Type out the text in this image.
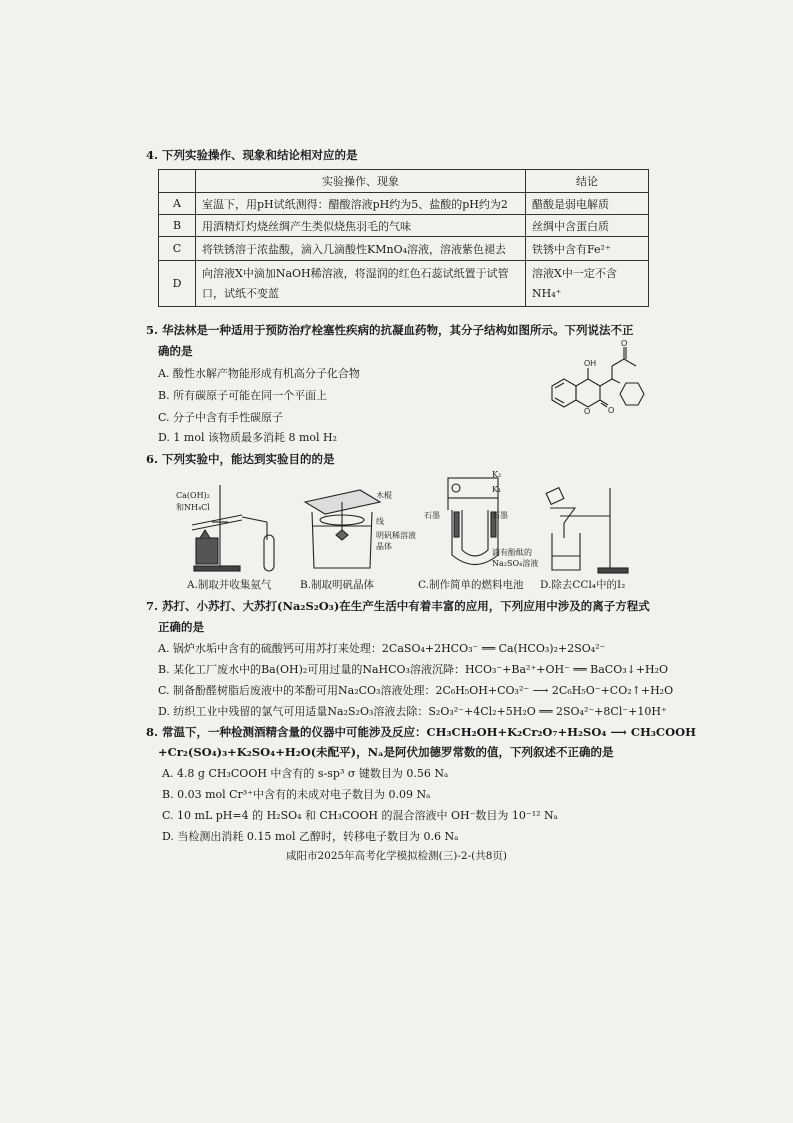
4. 下列实验操作、现象和结论相对应的是
	实验操作、现象	结论
A	室温下，用pH试纸测得：醋酸溶液pH约为5、盐酸的pH约为2	醋酸是弱电解质
B	用酒精灯灼烧丝绸产生类似烧焦羽毛的气味	丝绸中含蛋白质
C	将铁锈溶于浓盐酸，滴入几滴酸性KMnO₄溶液，溶液紫色褪去	铁锈中含有Fe²⁺
D	向溶液X中滴加NaOH稀溶液，将湿润的红色石蕊试纸置于试管口，试纸不变蓝	溶液X中一定不含NH₄⁺
5. 华法林是一种适用于预防治疗栓塞性疾病的抗凝血药物，其分子结构如图所示。下列说法不正
确的是
A. 酸性水解产物能形成有机高分子化合物
B. 所有碳原子可能在同一个平面上
C. 分子中含有手性碳原子
D. 1 mol 该物质最多消耗 8 mol H₂
OH
O
O
O
6. 下列实验中，能达到实验目的的是
Ca(OH)₂
和NH₄Cl
A.制取并收集氨气
木棍
线
明矾稀溶液
晶体
B.制取明矾晶体
K₂
K₁
石墨	石墨
滴有酚酞的
Na₂SO₄溶液
C.制作简单的燃料电池 D.除去CCl₄中的I₂
7. 苏打、小苏打、大苏打(Na₂S₂O₃)在生产生活中有着丰富的应用，下列应用中涉及的离子方程式
正确的是
A. 锅炉水垢中含有的硫酸钙可用苏打来处理：2CaSO₄+2HCO₃⁻ ══ Ca(HCO₃)₂+2SO₄²⁻
B. 某化工厂废水中的Ba(OH)₂可用过量的NaHCO₃溶液沉降：HCO₃⁻+Ba²⁺+OH⁻ ══ BaCO₃↓+H₂O
C. 制备酚醛树脂后废液中的苯酚可用Na₂CO₃溶液处理：2C₆H₅OH+CO₃²⁻ ⟶ 2C₆H₅O⁻+CO₂↑+H₂O
D. 纺织工业中残留的氯气可用适量Na₂S₂O₃溶液去除：S₂O₃²⁻+4Cl₂+5H₂O ══ 2SO₄²⁻+8Cl⁻+10H⁺
8. 常温下，一种检测酒精含量的仪器中可能涉及反应：CH₃CH₂OH+K₂Cr₂O₇+H₂SO₄ ⟶ CH₃COOH
+Cr₂(SO₄)₃+K₂SO₄+H₂O(未配平)，Nₐ是阿伏加德罗常数的值，下列叙述不正确的是
A. 4.8 g CH₃COOH 中含有的 s-sp³ σ 键数目为 0.56 Nₐ
B. 0.03 mol Cr³⁺中含有的未成对电子数目为 0.09 Nₐ
C. 10 mL pH=4 的 H₂SO₄ 和 CH₃COOH 的混合溶液中 OH⁻数目为 10⁻¹² Nₐ
D. 当检测出消耗 0.15 mol 乙醇时，转移电子数目为 0.6 Nₐ
咸阳市2025年高考化学模拟检测(三)-2-(共8页)
